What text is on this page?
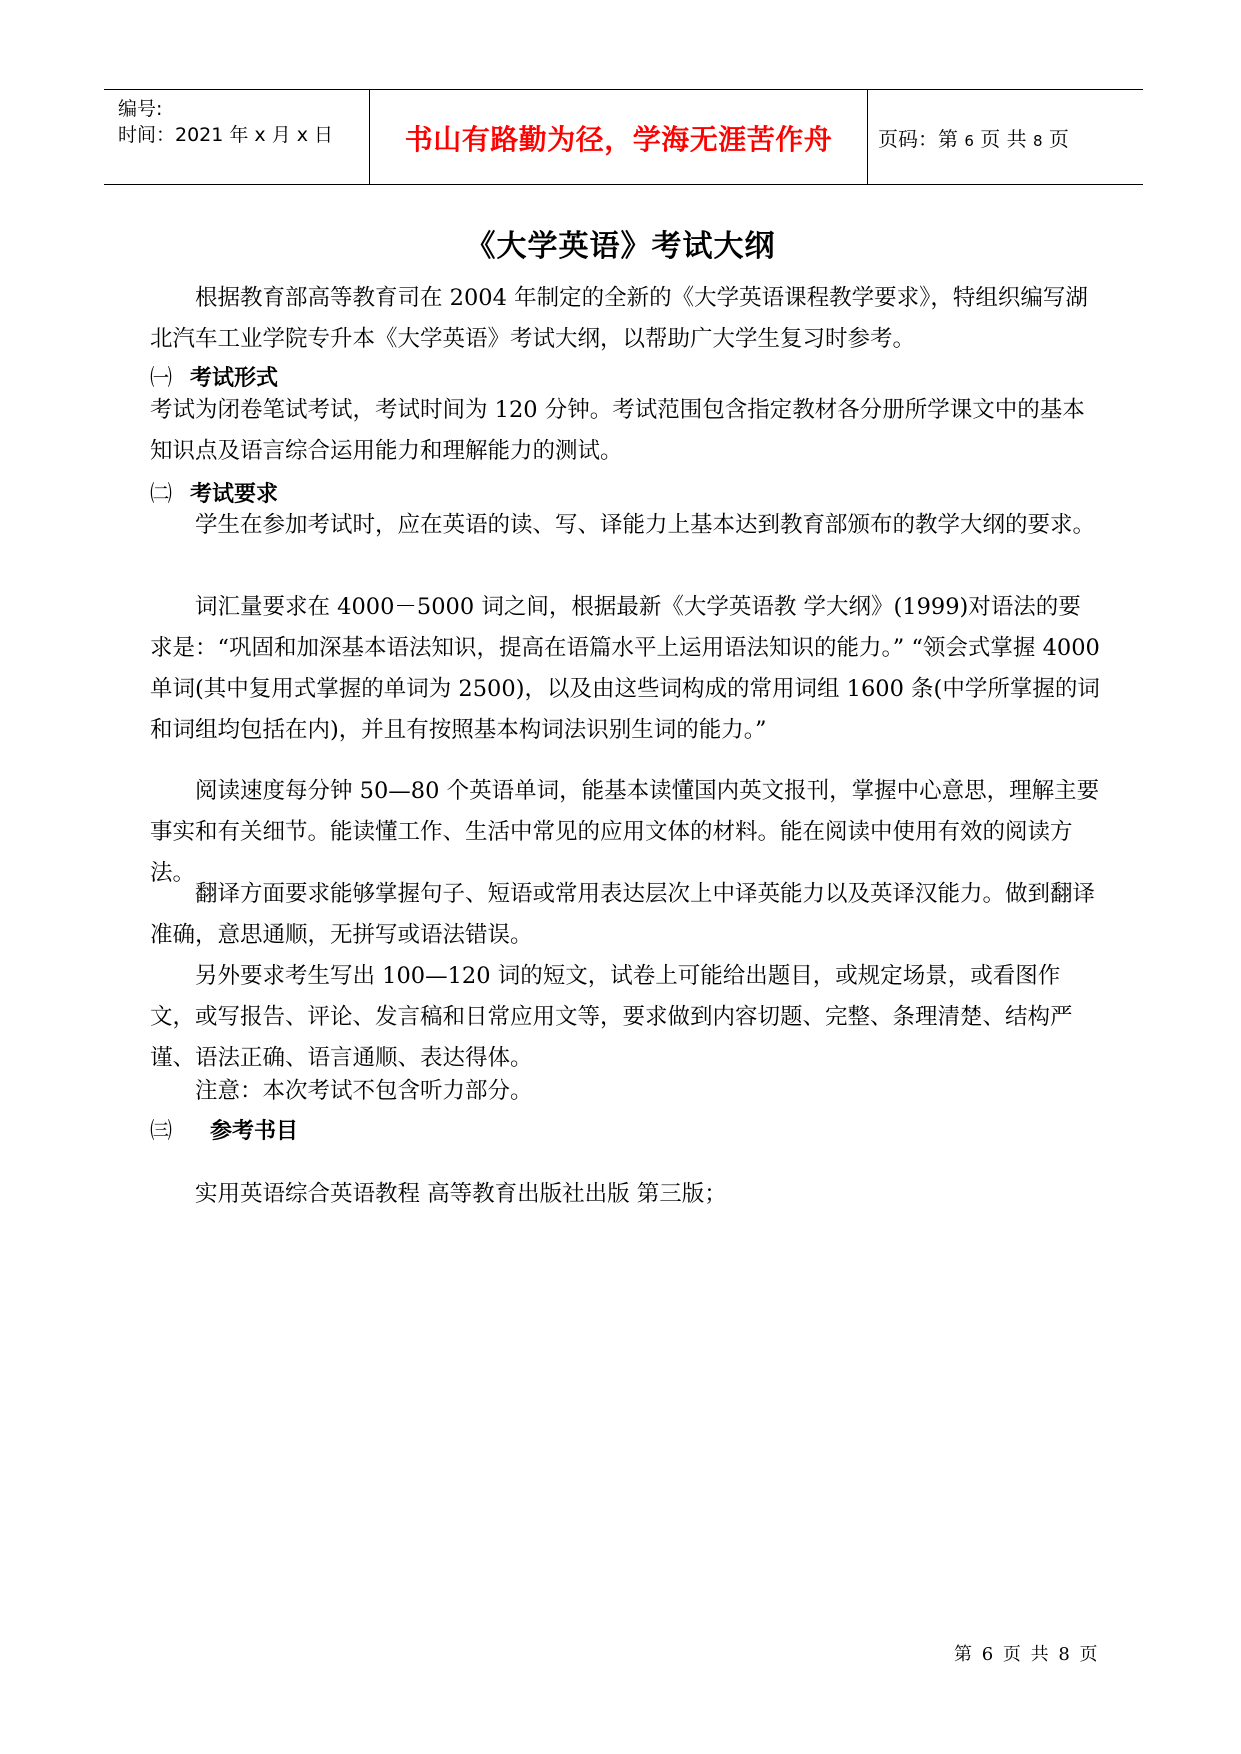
编号:
时间：2021 年 x 月 x 日	书山有路勤为径，学海无涯苦作舟	页码：第 6 页 共 8 页
《大学英语》考试大纲
根据教育部高等教育司在 2004 年制定的全新的《大学英语课程教学要求》，特组织编写湖北汽车工业学院专升本《大学英语》考试大纲，以帮助广大学生复习时参考。
㈠ 考试形式
考试为闭卷笔试考试，考试时间为 120 分钟。考试范围包含指定教材各分册所学课文中的基本知识点及语言综合运用能力和理解能力的测试。
㈡ 考试要求
学生在参加考试时，应在英语的读、写、译能力上基本达到教育部颁布的教学大纲的要求。
词汇量要求在 4000－5000 词之间，根据最新《大学英语教 学大纲》(1999)对语法的要求是：“巩固和加深基本语法知识，提高在语篇水平上运用语法知识的能力。” “领会式掌握 4000 单词(其中复用式掌握的单词为 2500)，以及由这些词构成的常用词组 1600 条(中学所掌握的词和词组均包括在内)，并且有按照基本构词法识别生词的能力。”
阅读速度每分钟 50—80 个英语单词，能基本读懂国内英文报刊，掌握中心意思，理解主要事实和有关细节。能读懂工作、生活中常见的应用文体的材料。能在阅读中使用有效的阅读方法。
翻译方面要求能够掌握句子、短语或常用表达层次上中译英能力以及英译汉能力。做到翻译准确，意思通顺，无拼写或语法错误。
另外要求考生写出 100—120 词的短文，试卷上可能给出题目，或规定场景，或看图作文，或写报告、评论、发言稿和日常应用文等，要求做到内容切题、完整、条理清楚、结构严谨、语法正确、语言通顺、表达得体。
注意：本次考试不包含听力部分。
㈢ 参考书目
实用英语综合英语教程 高等教育出版社出版 第三版；
第 6 页 共 8 页
